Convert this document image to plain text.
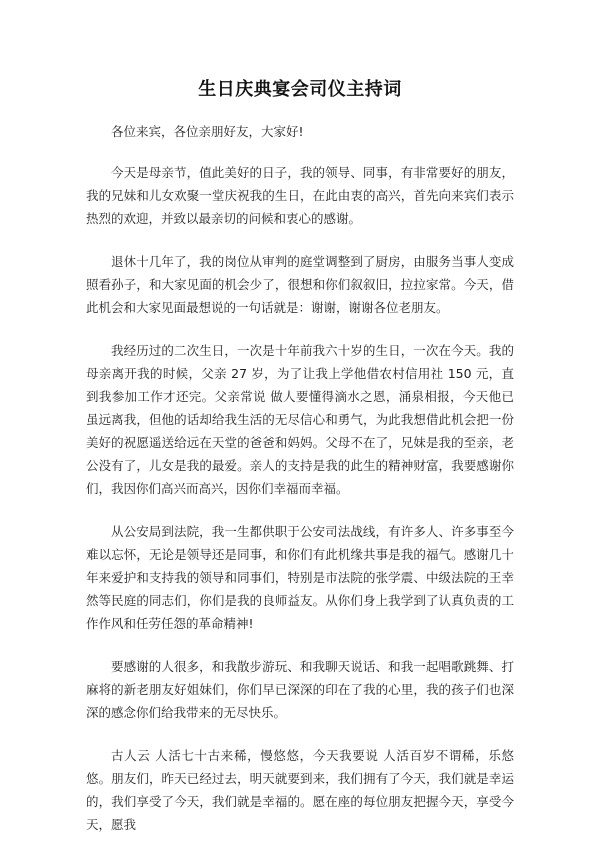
生日庆典宴会司仪主持词

各位来宾，各位亲朋好友，大家好!

今天是母亲节，值此美好的日子，我的领导、同事，有非常要好的朋友，我的兄妹和儿女欢聚一堂庆祝我的生日，在此由衷的高兴，首先向来宾们表示热烈的欢迎，并致以最亲切的问候和衷心的感谢。

退休十几年了，我的岗位从审判的庭堂调整到了厨房，由服务当事人变成照看孙子，和大家见面的机会少了，很想和你们叙叙旧，拉拉家常。今天，借此机会和大家见面最想说的一句话就是：谢谢，谢谢各位老朋友。

我经历过的二次生日，一次是十年前我六十岁的生日，一次在今天。我的母亲离开我的时候，父亲 27 岁，为了让我上学他借农村信用社 150 元，直到我参加工作才还完。父亲常说 做人要懂得滴水之恩，涌泉相报，今天他已虽远离我，但他的话却给我生活的无尽信心和勇气，为此我想借此机会把一份美好的祝愿遥送给远在天堂的爸爸和妈妈。父母不在了，兄妹是我的至亲，老公没有了，儿女是我的最爱。亲人的支持是我的此生的精神财富，我要感谢你们，我因你们高兴而高兴，因你们幸福而幸福。

从公安局到法院，我一生都供职于公安司法战线，有许多人、许多事至今难以忘怀，无论是领导还是同事，和你们有此机缘共事是我的福气。感谢几十年来爱护和支持我的领导和同事们，特别是市法院的张学震、中级法院的王幸然等民庭的同志们，你们是我的良师益友。从你们身上我学到了认真负责的工作作风和任劳任怨的革命精神!

要感谢的人很多，和我散步游玩、和我聊天说话、和我一起唱歌跳舞、打麻将的新老朋友好姐妹们，你们早已深深的印在了我的心里，我的孩子们也深深的感念你们给我带来的无尽快乐。

古人云 人活七十古来稀，慢悠悠，今天我要说 人活百岁不谓稀，乐悠悠。朋友们，昨天已经过去，明天就要到来，我们拥有了今天，我们就是幸运的，我们享受了今天，我们就是幸福的。愿在座的每位朋友把握今天，享受今天，愿我
